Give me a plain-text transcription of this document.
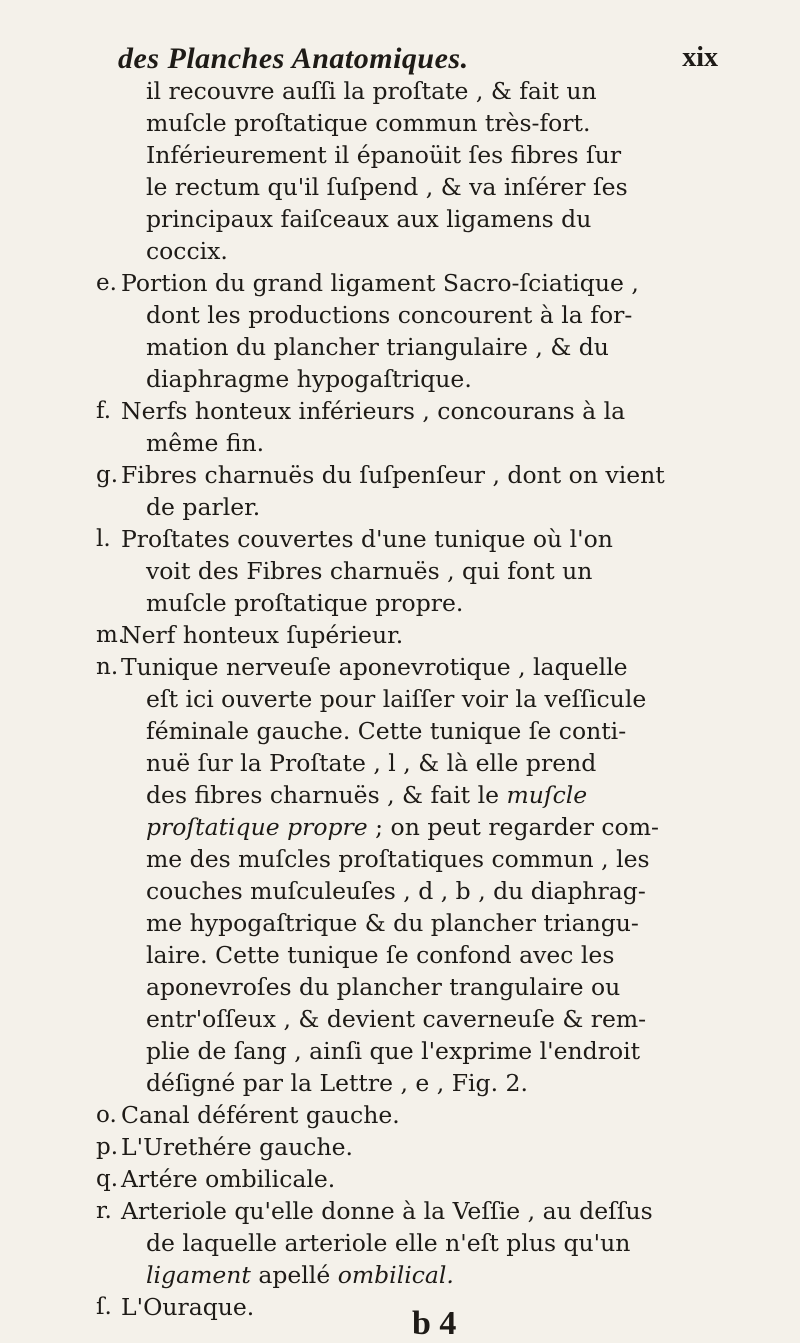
des Planches Anatomiques.	xix
il recouvre auſſi la proſtate , & fait un
muſcle proſtatique commun très-fort.
Inférieurement il épanoüit ſes fibres ſur
le rectum qu'il ſuſpend , & va inſérer ſes
principaux faiſceaux aux ligamens du
coccix.
e. Portion du grand ligament Sacro-ſciatique ,
dont les productions concourent à la for-
mation du plancher triangulaire , & du
diaphragme hypogaſtrique.
f. Nerfs honteux inférieurs , concourans à la
même fin.
g. Fibres charnuës du ſuſpenſeur , dont on vient
de parler.
l. Proſtates couvertes d'une tunique où l'on
voit des Fibres charnuës , qui font un
muſcle proſtatique propre.
m.
Nerf honteux ſupérieur.
n. Tunique nerveuſe aponevrotique , laquelle
eſt ici ouverte pour laiſſer voir la veſſicule
féminale gauche. Cette tunique ſe conti-
nuë ſur la Proſtate , l , & là elle prend
des fibres charnuës , & fait le muſcle
proſtatique propre ; on peut regarder com-
me des muſcles proſtatiques commun , les
couches muſculeuſes , d , b , du diaphrag-
me hypogaſtrique & du plancher triangu-
laire. Cette tunique ſe confond avec les
aponevroſes du plancher trangulaire ou
entr'oſſeux , & devient caverneuſe & rem-
plie de ſang , ainſi que l'exprime l'endroit
déſigné par la Lettre , e , Fig. 2.
o. Canal déférent gauche.
p. L'Urethére gauche.
q. Artére ombilicale.
r. Arteriole qu'elle donne à la Veſſie , au deſſus
de laquelle arteriole elle n'eſt plus qu'un
ligament apellé ombilical.
ſ. L'Ouraque.	b 4
